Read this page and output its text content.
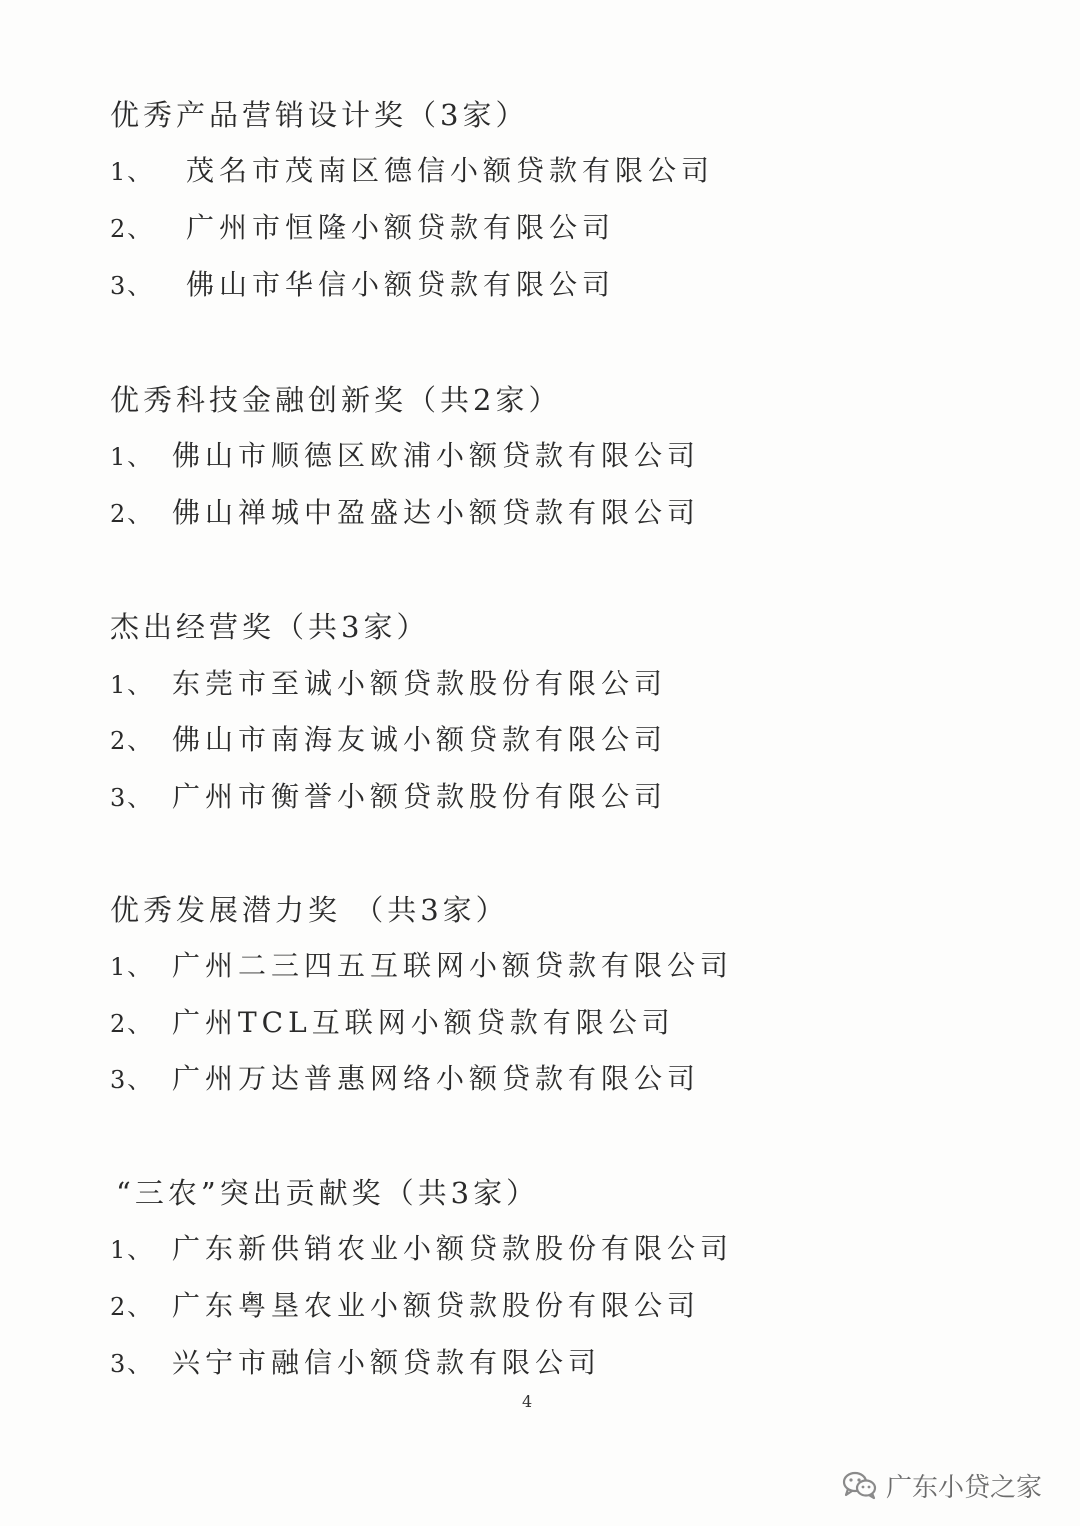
优秀产品营销设计奖（3家）
1、 茂名市茂南区德信小额贷款有限公司
2、 广州市恒隆小额贷款有限公司
3、 佛山市华信小额贷款有限公司
优秀科技金融创新奖（共2家）
1、 佛山市顺德区欧浦小额贷款有限公司
2、 佛山禅城中盈盛达小额贷款有限公司
杰出经营奖（共3家）
1、 东莞市至诚小额贷款股份有限公司
2、 佛山市南海友诚小额贷款有限公司
3、 广州市衡誉小额贷款股份有限公司
优秀发展潜力奖 （共3家）
1、 广州二三四五互联网小额贷款有限公司
2、 广州TCL互联网小额贷款有限公司
3、 广州万达普惠网络小额贷款有限公司
“三农”突出贡献奖（共3家）
1、 广东新供销农业小额贷款股份有限公司
2、 广东粤垦农业小额贷款股份有限公司
3、 兴宁市融信小额贷款有限公司
4
广东小贷之家
